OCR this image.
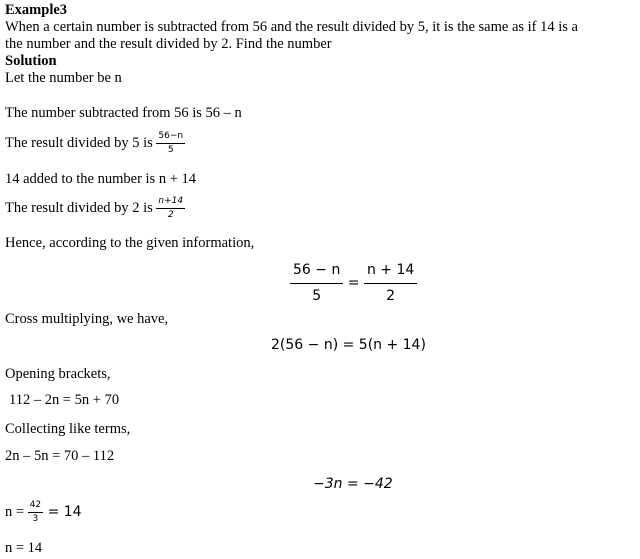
Example3
When a certain number is subtracted from 56 and the result divided by 5, it is the same as if 14 is a
the number and the result divided by 2. Find the number
Solution
Let the number be n
The number subtracted from 56 is 56 – n
The result divided by 5 is $\frac{56-n}{5}$
14 added to the number is n + 14
The result divided by 2 is $\frac{n+14}{2}$
Hence, according to the given information,
$\frac{56 - n}{5} = \frac{n + 14}{2}$
Cross multiplying, we have,
2(56 − n) = 5(n + 14)
Opening brackets,
112 – 2n = 5n + 70
Collecting like terms,
2n – 5n = 70 – 112
−3n = −42
$n = \frac{42}{3} = 14$
n = 14
